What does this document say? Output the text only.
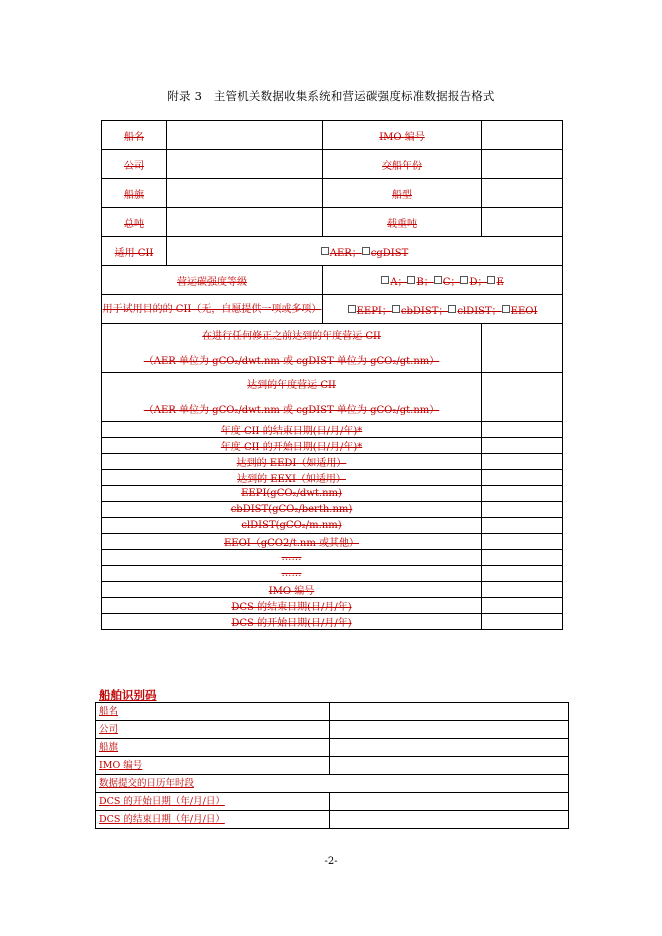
附录 3　主管机关数据收集系统和营运碳强度标准数据报告格式
船名		IMO 编号	
公司		交船年份	
船旗		船型	
总吨		载重吨	
适用 CII	AER； cgDIST		
营运碳强度等级		A； B； C； D； E	
用于试用目的的 CII（无，自愿提供一项或多项）		EEPI； cbDIST； clDIST； EEOI	

在进行任何修正之前达到的年度营运 CII
（AER 单位为 gCO₂/dwt.nm 或 cgDIST 单位为 gCO₂/gt.nm）			

达到的年度营运 CII
（AER 单位为 gCO₂/dwt.nm 或 cgDIST 单位为 gCO₂/gt.nm）			

年度 CII 的结束日期(日/月/年)*			
年度 CII 的开始日期(日/月/年)*			
达到的 EEDI（如适用）			
达到的 EEXI（如适用）			
EEPI(gCO₂/dwt.nm)			
cbDIST(gCO₂/berth.nm)			
clDIST(gCO₂/m.nm)			
EEOI（gCO2/t.nm 或其他）			
……			
……			
IMO 编号			
DCS 的结束日期(日/月/年)			
DCS 的开始日期(日/月/年)			
船舶识别码
船名	
公司	
船旗	
IMO 编号	
数据提交的日历年时段	
DCS 的开始日期（年/月/日）	
DCS 的结束日期（年/月/日）	
-2-
